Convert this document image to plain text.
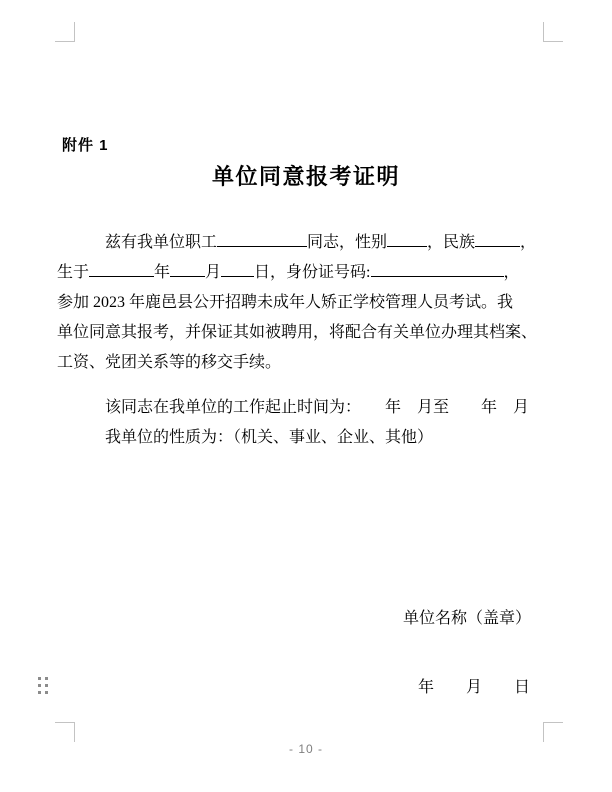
附件 1
单位同意报考证明
兹有我单位职工	同志，性别	，民族	，
生于	年 月 日，身份证号码:	，
参加 2023 年鹿邑县公开招聘未成年人矫正学校管理人员考试。我
单位同意其报考，并保证其如被聘用，将配合有关单位办理其档案、
工资、党团关系等的移交手续。
该同志在我单位的工作起止时间为：　　年　月至　　年　月
我单位的性质为：（机关、事业、企业、其他）
单位名称（盖章）
年　　月　　日
- 10 -
